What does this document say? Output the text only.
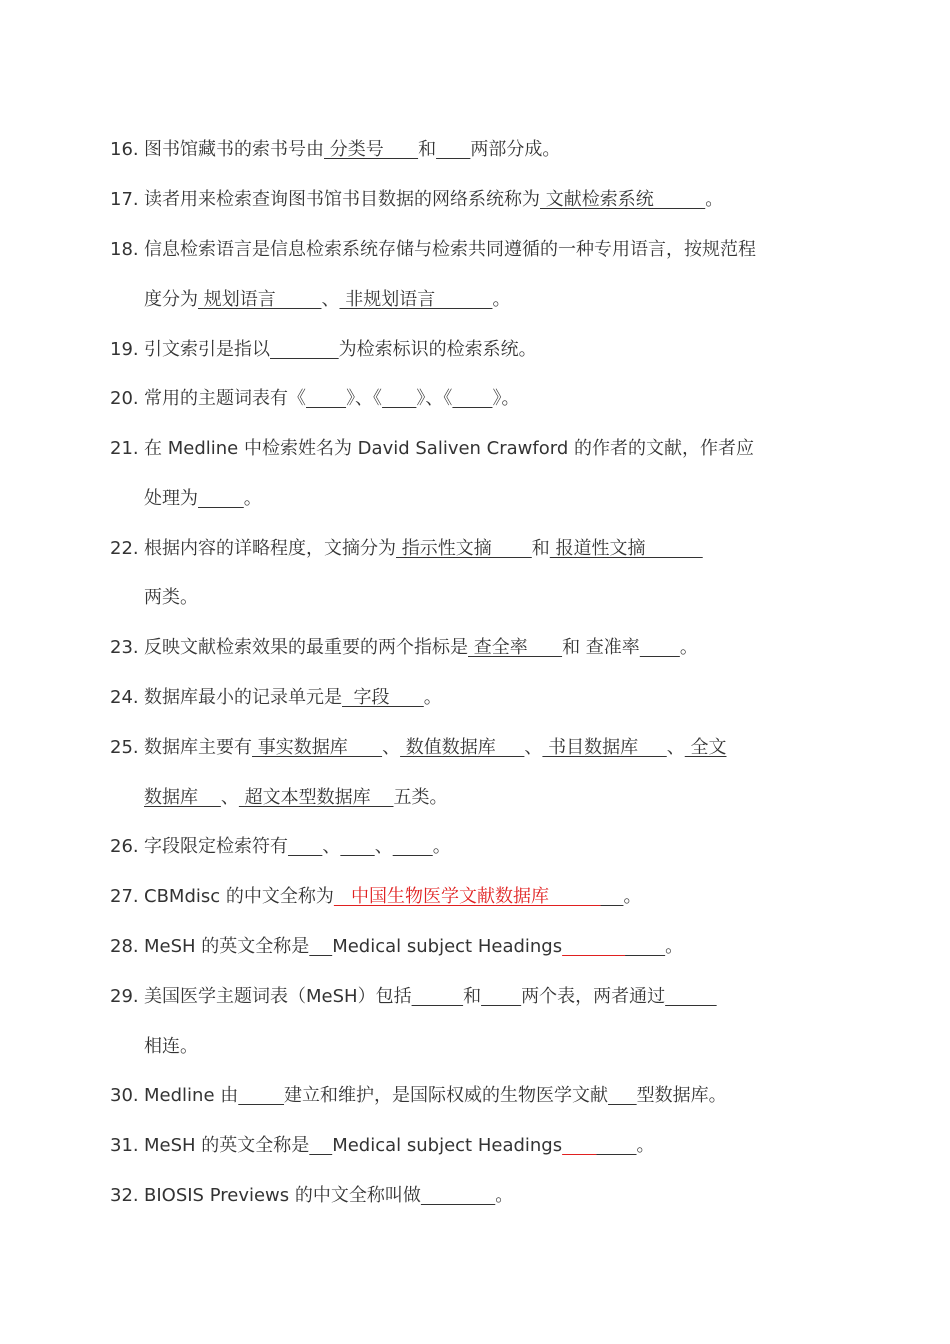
16. 图书馆藏书的索书号由 分类号      和 两部分成。
17. 读者用来检索查询图书馆书目数据的网络系统称为 文献检索系统         。
18. 信息检索语言是信息检索系统存储与检索共同遵循的一种专用语言，按规范程
度分为 规划语言        、 非规划语言          。
19. 引文索引是指以	为检索标识的检索系统。
20. 常用的主题词表有《 》、《 》、《 》。
21. 在 Medline 中检索姓名为 David Saliven Crawford 的作者的文献，作者应
处理为	。
22. 根据内容的详略程度，文摘分为 指示性文摘       和 报道性文摘
两类。
23. 反映文献检索效果的最重要的两个指标是 查全率      和 查准率 。
24. 数据库最小的记录单元是  字段      。
25. 数据库主要有 事实数据库      、 数值数据库     、 书目数据库     、 全文
数据库    、 超文本型数据库    五类。
26. 字段限定检索符有 、 、 。
27. CBMdisc 的中文全称为   中国生物医学文献数据库             。
28. MeSH 的英文全称是 Medical subject Headings	。
29. 美国医学主题词表（MeSH）包括	和 两个表，两者通过
相连。
30. Medline 由	建立和维护，是国际权威的生物医学文献 型数据库。
31. MeSH 的英文全称是 Medical subject Headings	。
32. BIOSIS Previews 的中文全称叫做	。
